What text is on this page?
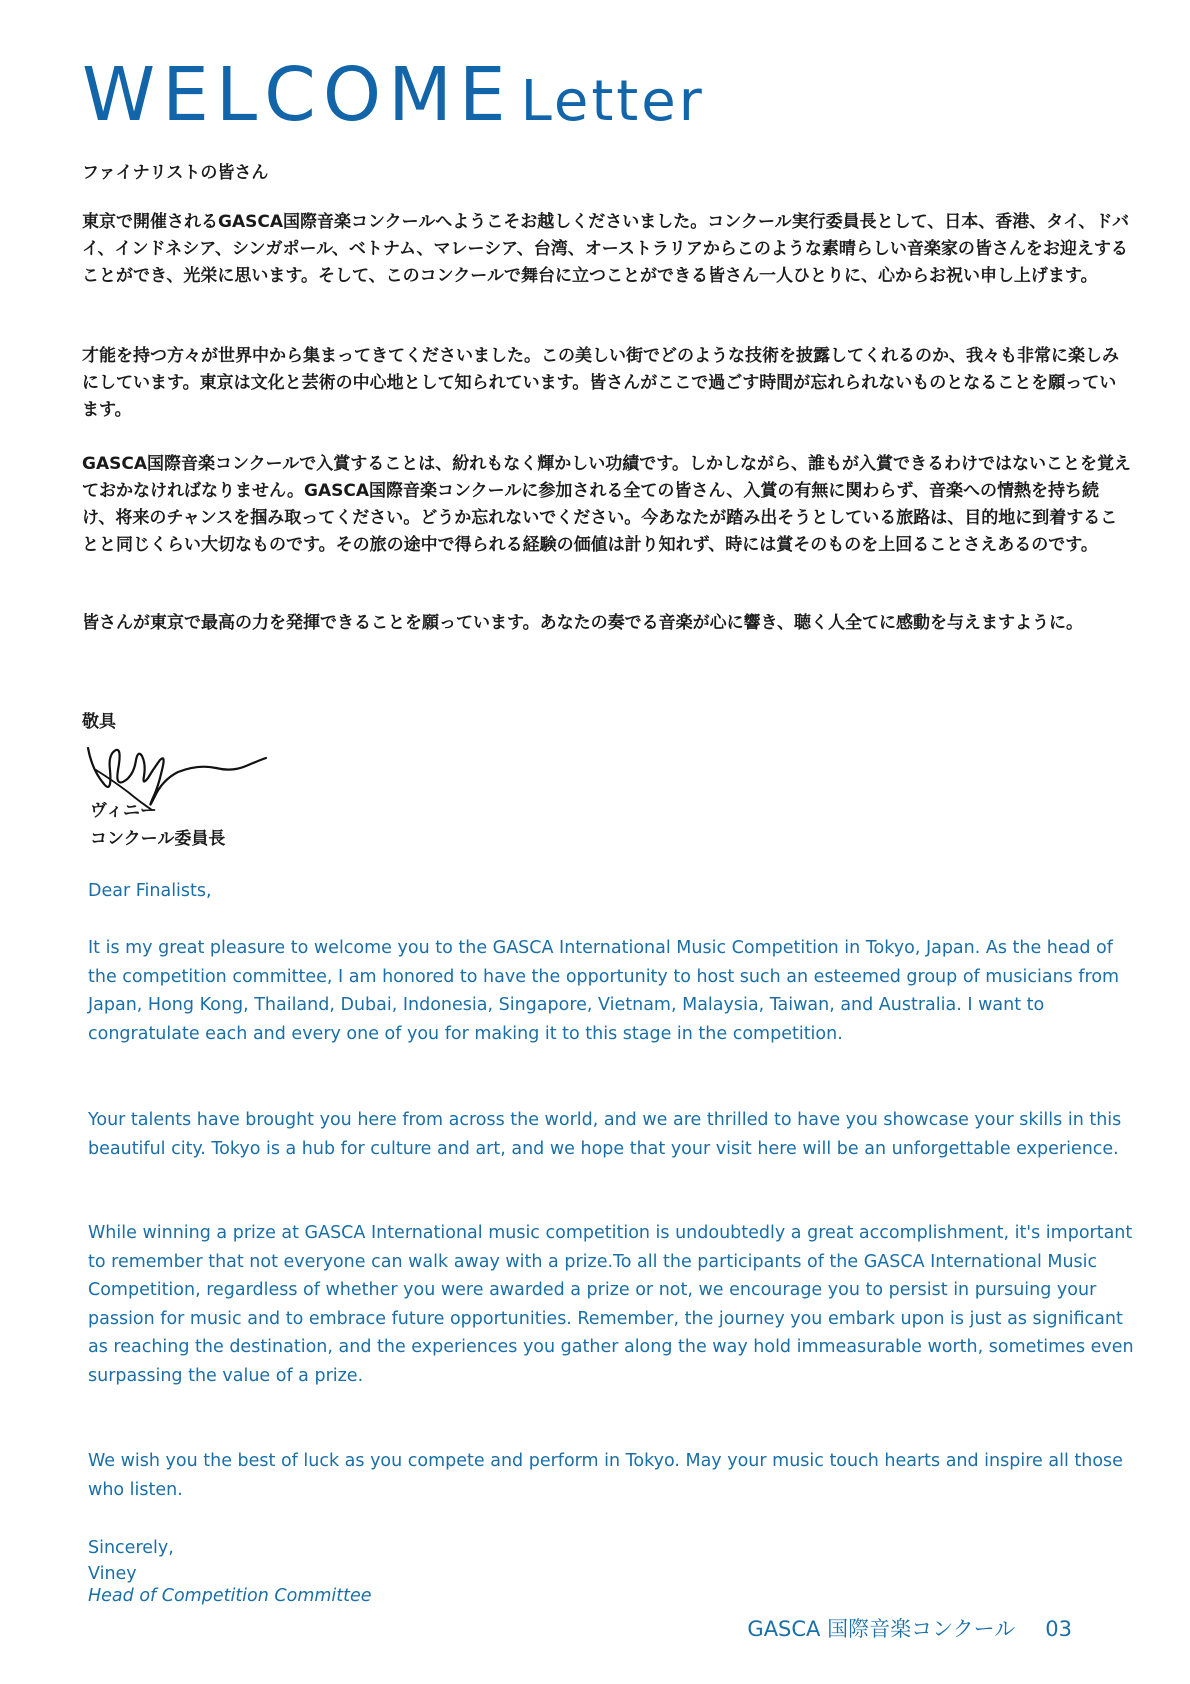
WELCOME Letter
ファイナリストの皆さん

東京で開催されるGASCA国際音楽コンクールへようこそお越しくださいました。コンクール実行委員長として、日本、香港、タイ、ドバイ、インドネシア、シンガポール、ベトナム、マレーシア、台湾、オーストラリアからこのような素晴らしい音楽家の皆さんをお迎えすることができ、光栄に思います。そして、このコンクールで舞台に立つことができる皆さん一人ひとりに、心からお祝い申し上げます。

才能を持つ方々が世界中から集まってきてくださいました。この美しい街でどのような技術を披露してくれるのか、我々も非常に楽しみにしています。東京は文化と芸術の中心地として知られています。皆さんがここで過ごす時間が忘れられないものとなることを願っています。

GASCA国際音楽コンクールで入賞することは、紛れもなく輝かしい功績です。しかしながら、誰もが入賞できるわけではないことを覚えておかなければなりません。GASCA国際音楽コンクールに参加される全ての皆さん、入賞の有無に関わらず、音楽への情熱を持ち続け、将来のチャンスを掴み取ってください。どうか忘れないでください。今あなたが踏み出そうとしている旅路は、目的地に到着することと同じくらい大切なものです。その旅の途中で得られる経験の価値は計り知れず、時には賞そのものを上回ることさえあるのです。

皆さんが東京で最高の力を発揮できることを願っています。あなたの奏でる音楽が心に響き、聴く人全てに感動を与えますように。

敬具
ヴィニー
コンクール委員長
Dear Finalists,

It is my great pleasure to welcome you to the GASCA International Music Competition in Tokyo, Japan. As the head of the competition committee, I am honored to have the opportunity to host such an esteemed group of musicians from Japan, Hong Kong, Thailand, Dubai, Indonesia, Singapore, Vietnam, Malaysia, Taiwan, and Australia. I want to congratulate each and every one of you for making it to this stage in the competition.

Your talents have brought you here from across the world, and we are thrilled to have you showcase your skills in this beautiful city. Tokyo is a hub for culture and art, and we hope that your visit here will be an unforgettable experience.

While winning a prize at GASCA International music competition is undoubtedly a great accomplishment, it's important to remember that not everyone can walk away with a prize.To all the participants of the GASCA International Music Competition, regardless of whether you were awarded a prize or not, we encourage you to persist in pursuing your passion for music and to embrace future opportunities. Remember, the journey you embark upon is just as significant as reaching the destination, and the experiences you gather along the way hold immeasurable worth, sometimes even surpassing the value of a prize.

We wish you the best of luck as you compete and perform in Tokyo. May your music touch hearts and inspire all those who listen.

Sincerely,
Viney
Head of Competition Committee
GASCA 国際音楽コンクール 03
